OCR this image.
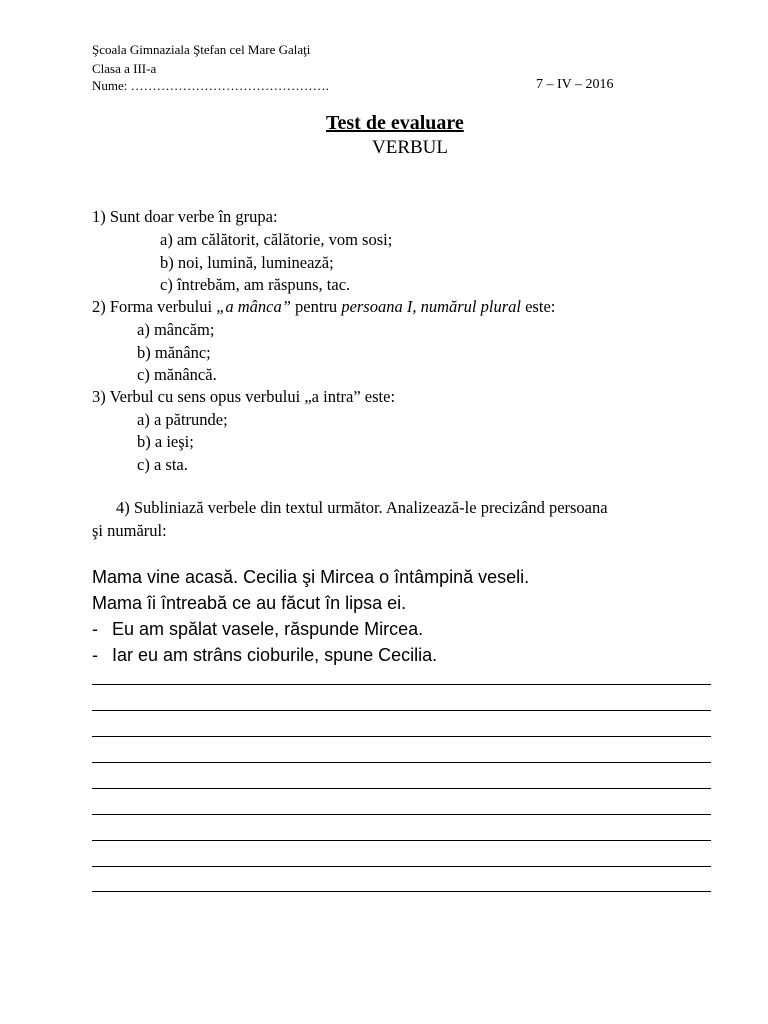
Şcoala Gimnaziala Ştefan cel Mare Galaţi
Clasa a III-a
Nume: ……………………………………….	7 – IV – 2016
Test de evaluare
VERBUL
1) Sunt doar verbe în grupa:
a) am călătorit, călătorie, vom sosi;
b) noi, lumină, luminează;
c) întrebăm, am răspuns, tac.
2) Forma verbului „a mânca” pentru persoana I, numărul plural este:
a) mâncăm;
b) mănânc;
c) mănâncă.
3) Verbul cu sens opus verbului „a intra” este:
a) a pătrunde;
b) a ieşi;
c) a sta.
4) Subliniază verbele din textul următor. Analizează-le precizând persoana
şi numărul:
Mama vine acasă. Cecilia şi Mircea o întâmpină veseli.
Mama îi întreabă ce au făcut în lipsa ei.
- Eu am spălat vasele, răspunde Mircea.
- Iar eu am strâns cioburile, spune Cecilia.
